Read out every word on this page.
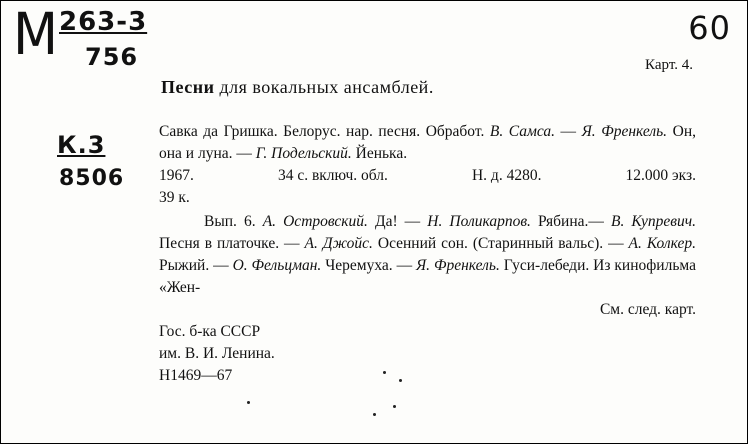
М 263-3
756
К.3
8506
60
Карт. 4.
Песни для вокальных ансамблей.

Савка да Гришка. Белорус. нар. песня. Обработ. В. Самса. — Я. Френкель. Он, она и луна. — Г. Подельский. Йенька.

1967.	34 с. включ. обл.	Н. д. 4280.	12.000 экз.

39 к.

Вып. 6. А. Островский. Да! — Н. Поликарпов. Рябина.— В. Купревич. Песня в платочке. — А. Джойс. Осенний сон. (Старинный вальс). — А. Колкер. Рыжий. — О. Фельцман. Черемуха. — Я. Френкель. Гуси-лебеди. Из кинофильма «Жен-

См. след. карт.

Гос. б-ка СССР
им. В. И. Ленина.
Н1469—67
